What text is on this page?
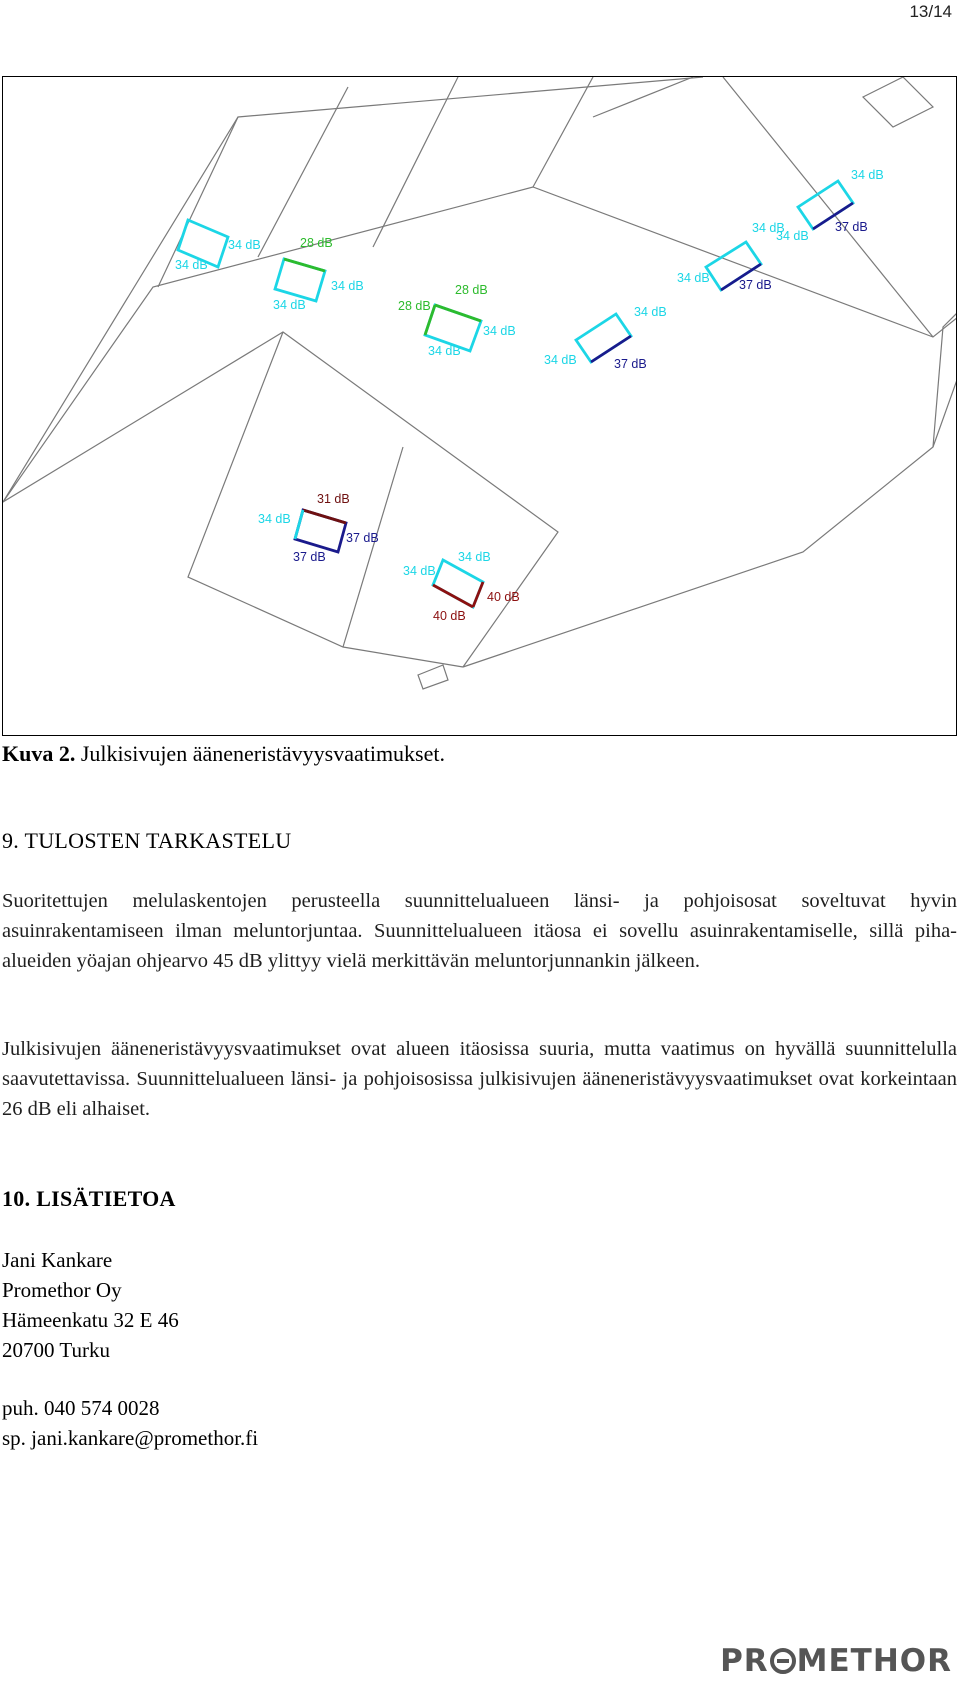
13/14
34 dB
34 dB	28 dB
34 dB
34 dB
28 dB
28 dB
34 dB
34 dB
34 dB	37 dB
34 dB
34 dB 37 dB
34 dB
34 dB
37 dB
34 dB
31 dB
34 dB
37 dB
37 dB
34 dB
34 dB
40 dB
40 dB
Kuva 2. Julkisivujen ääneneristävyysvaatimukset.
9. TULOSTEN TARKASTELU

Suoritettujen melulaskentojen perusteella suunnittelualueen länsi- ja pohjoisosat soveltuvat hyvin asuinrakentamiseen ilman meluntorjuntaa. Suunnittelualueen itäosa ei sovellu asuinrakentamiselle, sillä piha-alueiden yöajan ohjearvo 45 dB ylittyy vielä merkittävän meluntorjunnankin jälkeen.

Julkisivujen ääneneristävyysvaatimukset ovat alueen itäosissa suuria, mutta vaatimus on hyvällä suunnittelulla saavutettavissa. Suunnittelualueen länsi- ja pohjoisosissa julkisivujen ääneneristävyysvaatimukset ovat korkeintaan 26 dB eli alhaiset.

10. LISÄTIETOA
Jani Kankare
Promethor Oy
Hämeenkatu 32 E 46
20700 Turku
puh. 040 574 0028
sp. jani.kankare@promethor.fi
PR METHOR
